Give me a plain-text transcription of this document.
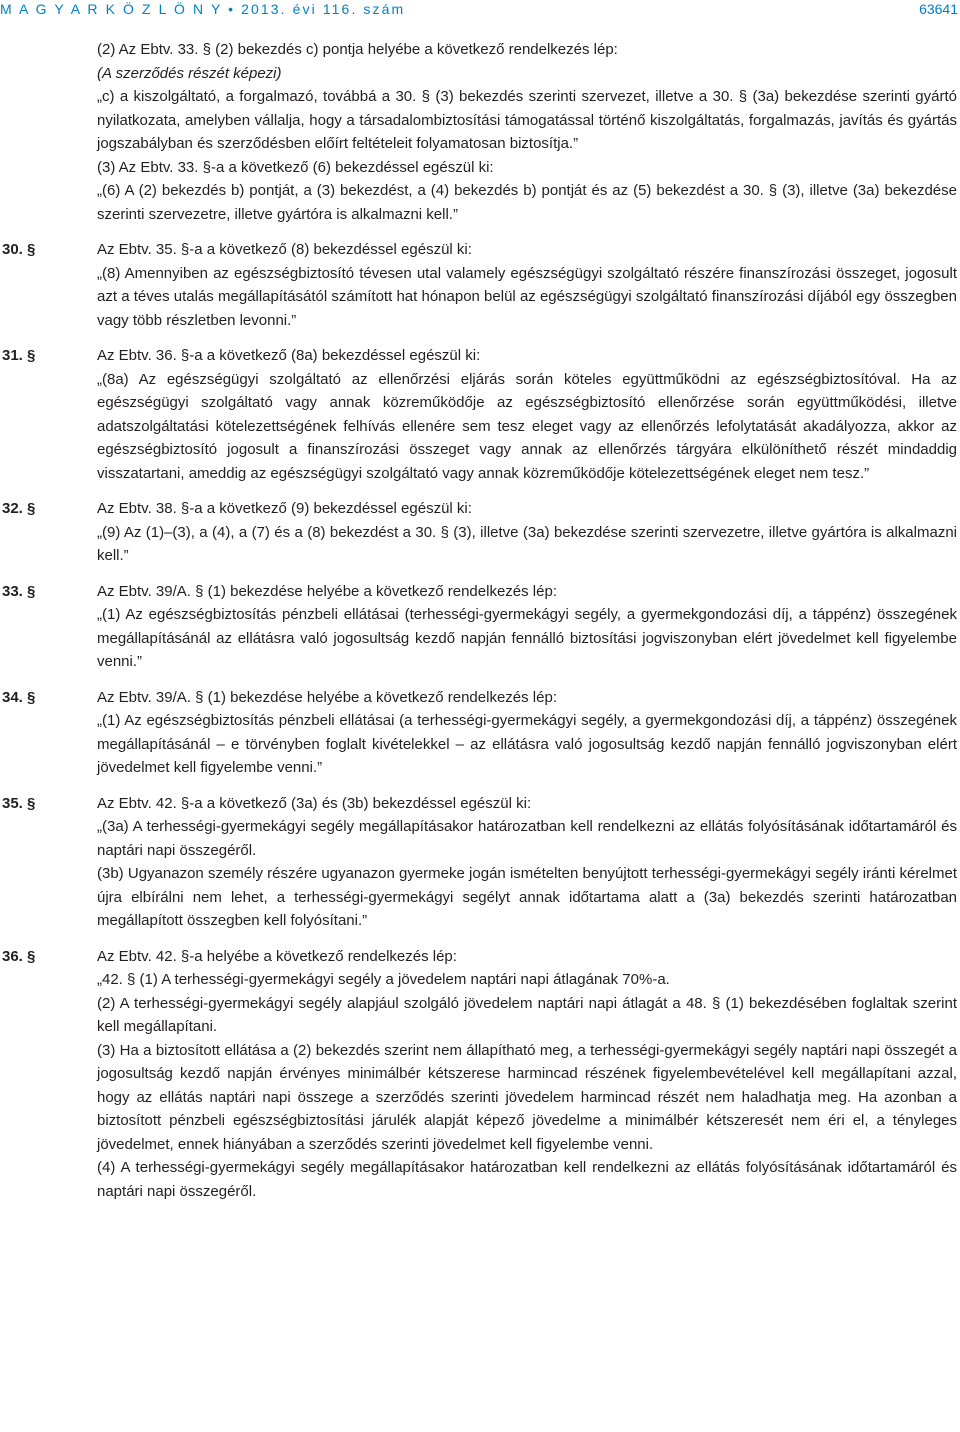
M A G Y A R K Ö Z L Ö N Y • 2013. évi 116. szám	63641

(2) Az Ebtv. 33. § (2) bekezdés c) pontja helyébe a következő rendelkezés lép:

(A szerződés részét képezi)

„c) a kiszolgáltató, a forgalmazó, továbbá a 30. § (3) bekezdés szerinti szervezet, illetve a 30. § (3a) bekezdése szerinti gyártó nyilatkozata, amelyben vállalja, hogy a társadalombiztosítási támogatással történő kiszolgáltatás, forgalmazás, javítás és gyártás jogszabályban és szerződésben előírt feltételeit folyamatosan biztosítja.”

(3) Az Ebtv. 33. §-a a következő (6) bekezdéssel egészül ki:

„(6) A (2) bekezdés b) pontját, a (3) bekezdést, a (4) bekezdés b) pontját és az (5) bekezdést a 30. § (3), illetve (3a) bekezdése szerinti szervezetre, illetve gyártóra is alkalmazni kell.”

30. §	Az Ebtv. 35. §-a a következő (8) bekezdéssel egészül ki:

„(8) Amennyiben az egészségbiztosító tévesen utal valamely egészségügyi szolgáltató részére finanszírozási összeget, jogosult azt a téves utalás megállapításától számított hat hónapon belül az egészségügyi szolgáltató finanszírozási díjából egy összegben vagy több részletben levonni.”

31. §	Az Ebtv. 36. §-a a következő (8a) bekezdéssel egészül ki:

„(8a) Az egészségügyi szolgáltató az ellenőrzési eljárás során köteles együttműködni az egészségbiztosítóval. Ha az egészségügyi szolgáltató vagy annak közreműködője az egészségbiztosító ellenőrzése során együttműködési, illetve adatszolgáltatási kötelezettségének felhívás ellenére sem tesz eleget vagy az ellenőrzés lefolytatását akadályozza, akkor az egészségbiztosító jogosult a finanszírozási összeget vagy annak az ellenőrzés tárgyára elkülöníthető részét mindaddig visszatartani, ameddig az egészségügyi szolgáltató vagy annak közreműködője kötelezettségének eleget nem tesz.”

32. §	Az Ebtv. 38. §-a a következő (9) bekezdéssel egészül ki:

„(9) Az (1)–(3), a (4), a (7) és a (8) bekezdést a 30. § (3), illetve (3a) bekezdése szerinti szervezetre, illetve gyártóra is alkalmazni kell.”

33. §	Az Ebtv. 39/A. § (1) bekezdése helyébe a következő rendelkezés lép:

„(1) Az egészségbiztosítás pénzbeli ellátásai (terhességi-gyermekágyi segély, a gyermekgondozási díj, a táppénz) összegének megállapításánál az ellátásra való jogosultság kezdő napján fennálló biztosítási jogviszonyban elért jövedelmet kell figyelembe venni.”

34. §	Az Ebtv. 39/A. § (1) bekezdése helyébe a következő rendelkezés lép:

„(1) Az egészségbiztosítás pénzbeli ellátásai (a terhességi-gyermekágyi segély, a gyermekgondozási díj, a táppénz) összegének megállapításánál – e törvényben foglalt kivételekkel – az ellátásra való jogosultság kezdő napján fennálló jogviszonyban elért jövedelmet kell figyelembe venni.”

35. §	Az Ebtv. 42. §-a a következő (3a) és (3b) bekezdéssel egészül ki:

„(3a) A terhességi-gyermekágyi segély megállapításakor határozatban kell rendelkezni az ellátás folyósításának időtartamáról és naptári napi összegéről.

(3b) Ugyanazon személy részére ugyanazon gyermeke jogán ismételten benyújtott terhességi-gyermekágyi segély iránti kérelmet újra elbírálni nem lehet, a terhességi-gyermekágyi segélyt annak időtartama alatt a (3a) bekezdés szerinti határozatban megállapított összegben kell folyósítani.”

36. §	Az Ebtv. 42. §-a helyébe a következő rendelkezés lép:

„42. § (1) A terhességi-gyermekágyi segély a jövedelem naptári napi átlagának 70%-a.

(2) A terhességi-gyermekágyi segély alapjául szolgáló jövedelem naptári napi átlagát a 48. § (1) bekezdésében foglaltak szerint kell megállapítani.

(3) Ha a biztosított ellátása a (2) bekezdés szerint nem állapítható meg, a terhességi-gyermekágyi segély naptári napi összegét a jogosultság kezdő napján érvényes minimálbér kétszerese harmincad részének figyelembevételével kell megállapítani azzal, hogy az ellátás naptári napi összege a szerződés szerinti jövedelem harmincad részét nem haladhatja meg. Ha azonban a biztosított pénzbeli egészségbiztosítási járulék alapját képező jövedelme a minimálbér kétszeresét nem éri el, a tényleges jövedelmet, ennek hiányában a szerződés szerinti jövedelmet kell figyelembe venni.

(4) A terhességi-gyermekágyi segély megállapításakor határozatban kell rendelkezni az ellátás folyósításának időtartamáról és naptári napi összegéről.
